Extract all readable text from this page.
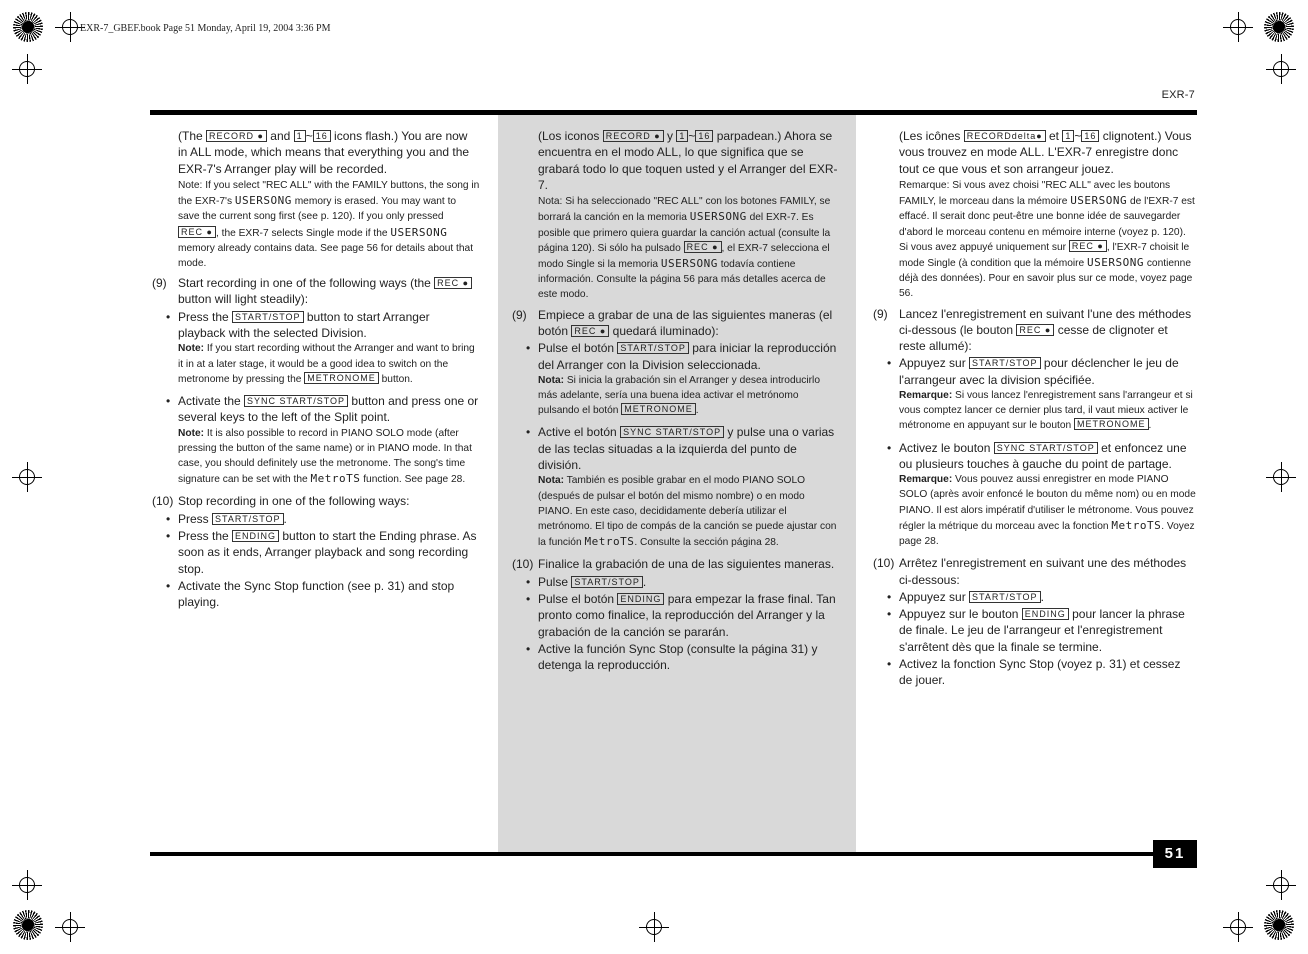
EXR-7_GBEF.book Page 51 Monday, April 19, 2004 3:36 PM
EXR-7
51

(The RECORD ● and 1 ~ 16 icons flash.) You are now in ALL mode, which means that everything you and the EXR-7's Arranger play will be recorded.

Note: If you select "REC ALL" with the FAMILY buttons, the song in the EXR-7's USERSONG memory is erased. You may want to save the current song first (see p. 120). If you only pressed REC ● , the EXR-7 selects Single mode if the USERSONG memory already contains data. See page 56 for details about that mode.

(9) Start recording in one of the following ways (the REC ● button will light steadily):
• Press the START/STOP button to start Arranger playback with the selected Division.

Note: If you start recording without the Arranger and want to bring it in at a later stage, it would be a good idea to switch on the metronome by pressing the METRONOME button.

• Activate the SYNC START/STOP button and press one or several keys to the left of the Split point.

Note: It is also possible to record in PIANO SOLO mode (after pressing the button of the same name) or in PIANO mode. In that case, you should definitely use the metronome. The song's time signature can be set with the MetroTS function. See page 28.

(10) Stop recording in one of the following ways:
• Press START/STOP .
• Press the ENDING button to start the Ending phrase. As soon as it ends, Arranger playback and song recording stop.
• Activate the Sync Stop function (see p. 31) and stop playing.

(Los iconos RECORD ● y 1 ~ 16 parpadean.) Ahora se encuentra en el modo ALL, lo que significa que se grabará todo lo que toquen usted y el Arranger del EXR-7.

Nota: Si ha seleccionado "REC ALL" con los botones FAMILY, se borrará la canción en la memoria USERSONG del EXR-7. Es posible que primero quiera guardar la canción actual (consulte la página 120). Si sólo ha pulsado REC ● , el EXR-7 selecciona el modo Single si la memoria USERSONG todavía contiene información. Consulte la página 56 para más detalles acerca de este modo.

(9) Empiece a grabar de una de las siguientes maneras (el botón REC ● quedará iluminado):
• Pulse el botón START/STOP para iniciar la reproducción del Arranger con la Division seleccionada.

Nota: Si inicia la grabación sin el Arranger y desea introducirlo más adelante, sería una buena idea activar el metrónomo pulsando el botón METRONOME .

• Active el botón SYNC START/STOP y pulse una o varias de las teclas situadas a la izquierda del punto de división.

Nota: También es posible grabar en el modo PIANO SOLO (después de pulsar el botón del mismo nombre) o en modo PIANO. En este caso, decididamente debería utilizar el metrónomo. El tipo de compás de la canción se puede ajustar con la función MetroTS. Consulte la sección página 28.

(10) Finalice la grabación de una de las siguientes maneras.
• Pulse START/STOP .
• Pulse el botón ENDING para empezar la frase final. Tan pronto como finalice, la reproducción del Arranger y la grabación de la canción se pararán.
• Active la función Sync Stop (consulte la página 31) y detenga la reproducción.

(Les icônes RECORDdelta● et 1 ~ 16 clignotent.) Vous vous trouvez en mode ALL. L'EXR-7 enregistre donc tout ce que vous et son arrangeur jouez.

Remarque: Si vous avez choisi "REC ALL" avec les boutons FAMILY, le morceau dans la mémoire USERSONG de l'EXR-7 est effacé. Il serait donc peut-être une bonne idée de sauvegarder d'abord le morceau contenu en mémoire interne (voyez p. 120). Si vous avez appuyé uniquement sur REC ● , l'EXR-7 choisit le mode Single (à condition que la mémoire USERSONG contienne déjà des données). Pour en savoir plus sur ce mode, voyez page 56.

(9) Lancez l'enregistrement en suivant l'une des méthodes ci-dessous (le bouton REC ● cesse de clignoter et reste allumé):
• Appuyez sur START/STOP pour déclencher le jeu de l'arrangeur avec la division spécifiée.

Remarque: Si vous lancez l'enregistrement sans l'arrangeur et si vous comptez lancer ce dernier plus tard, il vaut mieux activer le métronome en appuyant sur le bouton METRONOME .

• Activez le bouton SYNC START/STOP et enfoncez une ou plusieurs touches à gauche du point de partage.

Remarque: Vous pouvez aussi enregistrer en mode PIANO SOLO (après avoir enfoncé le bouton du même nom) ou en mode PIANO. Il est alors impératif d'utiliser le métronome. Vous pouvez régler la métrique du morceau avec la fonction MetroTS. Voyez page 28.

(10) Arrêtez l'enregistrement en suivant une des méthodes ci-dessous:
• Appuyez sur START/STOP .
• Appuyez sur le bouton ENDING pour lancer la phrase de finale. Le jeu de l'arrangeur et l'enregistrement s'arrêtent dès que la finale se termine.
• Activez la fonction Sync Stop (voyez p. 31) et cessez de jouer.
